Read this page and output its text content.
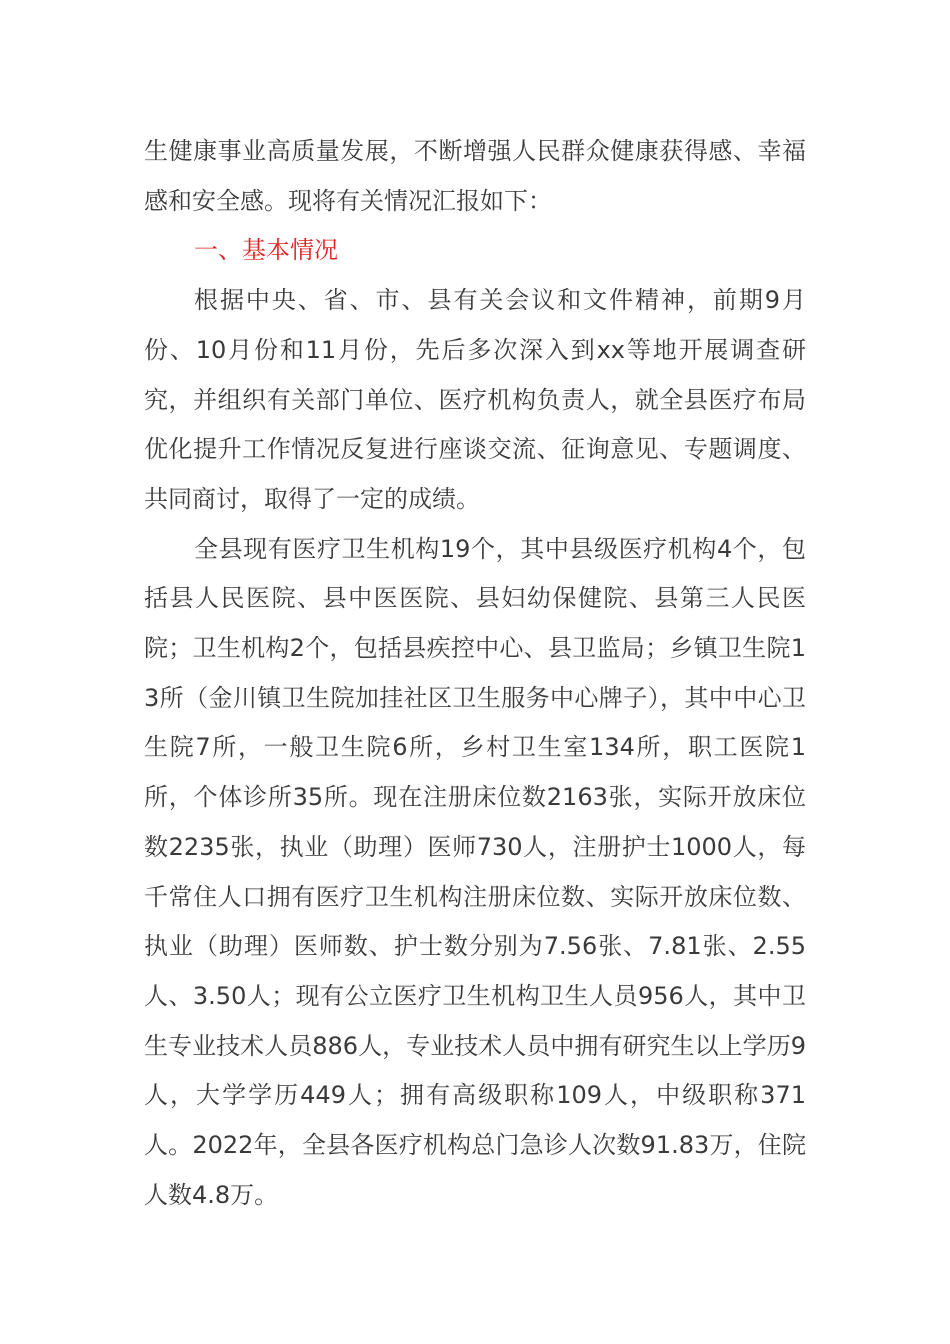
生健康事业高质量发展，不断增强人民群众健康获得感、幸福感和安全感。现将有关情况汇报如下：

一、基本情况

根据中央、省、市、县有关会议和文件精神，前期9月份、10月份和11月份，先后多次深入到xx等地开展调查研究，并组织有关部门单位、医疗机构负责人，就全县医疗布局优化提升工作情况反复进行座谈交流、征询意见、专题调度、共同商讨，取得了一定的成绩。

全县现有医疗卫生机构19个，其中县级医疗机构4个，包括县人民医院、县中医医院、县妇幼保健院、县第三人民医院；卫生机构2个，包括县疾控中心、县卫监局；乡镇卫生院13所（金川镇卫生院加挂社区卫生服务中心牌子），其中中心卫生院7所，一般卫生院6所，乡村卫生室134所，职工医院1所，个体诊所35所。现在注册床位数2163张，实际开放床位数2235张，执业（助理）医师730人，注册护士1000人，每千常住人口拥有医疗卫生机构注册床位数、实际开放床位数、执业（助理）医师数、护士数分别为7.56张、7.81张、2.55人、3.50人；现有公立医疗卫生机构卫生人员956人，其中卫生专业技术人员886人，专业技术人员中拥有研究生以上学历9人，大学学历449人；拥有高级职称109人，中级职称371人。2022年，全县各医疗机构总门急诊人次数91.83万，住院人数4.8万。
